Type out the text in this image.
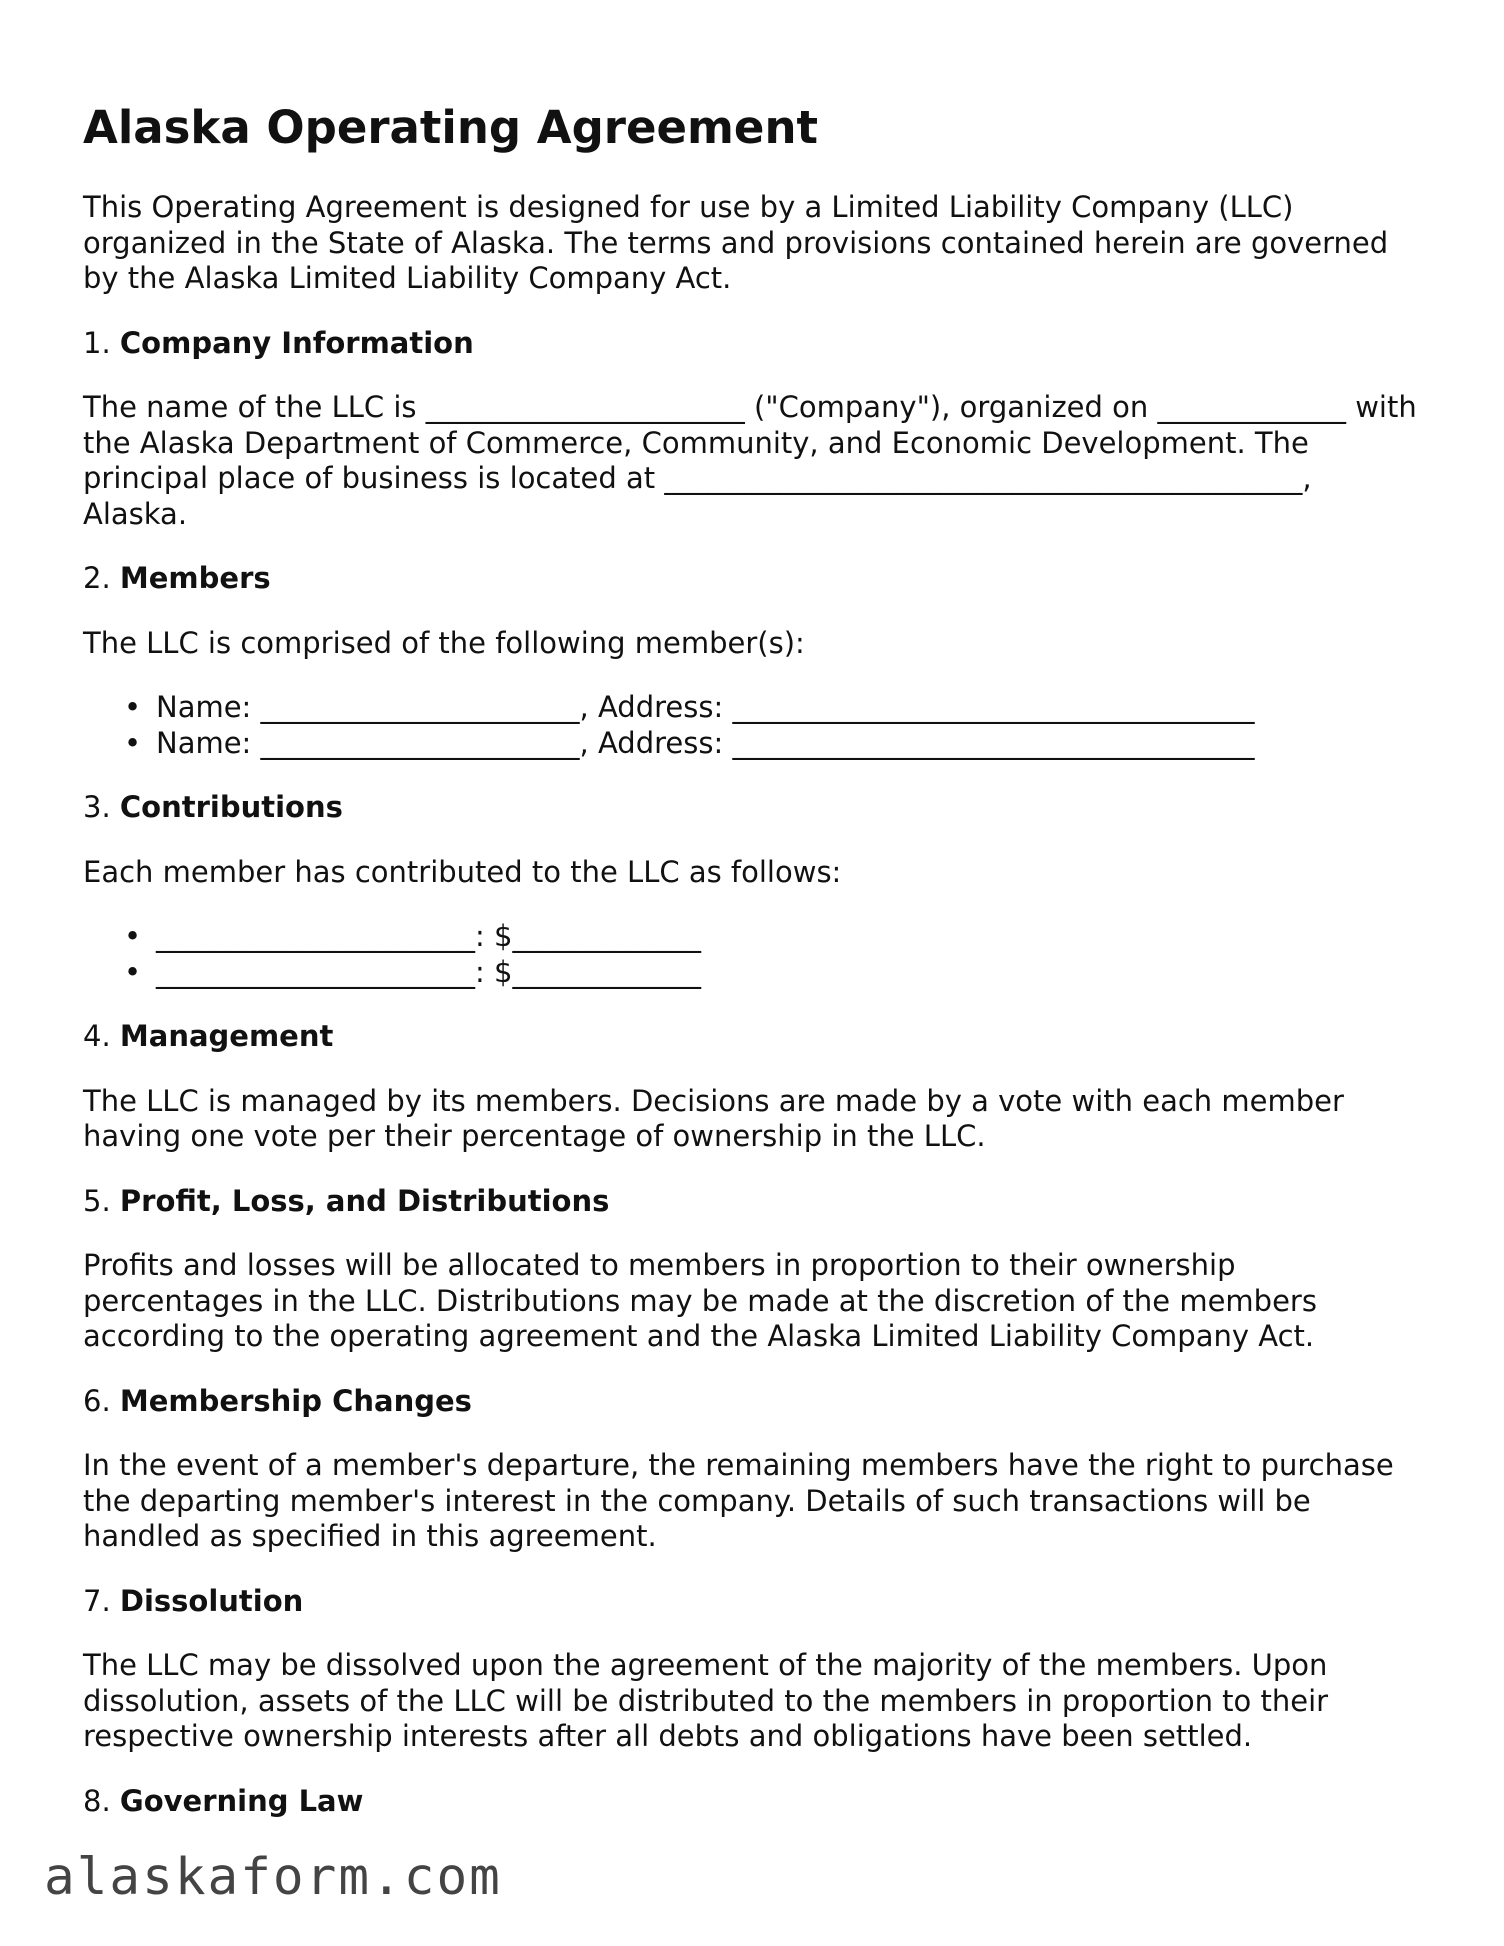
Alaska Operating Agreement

This Operating Agreement is designed for use by a Limited Liability Company (LLC) organized in the State of Alaska. The terms and provisions contained herein are governed by the Alaska Limited Liability Company Act.

1. Company Information

The name of the LLC is ______________________ ("Company"), organized on _____________ with the Alaska Department of Commerce, Community, and Economic Development. The principal place of business is located at ____________________________________________, Alaska.

2. Members

The LLC is comprised of the following member(s):

• Name: ______________________, Address: ____________________________________
• Name: ______________________, Address: ____________________________________
3. Contributions

Each member has contributed to the LLC as follows:

• ______________________: $_____________
• ______________________: $_____________
4. Management

The LLC is managed by its members. Decisions are made by a vote with each member having one vote per their percentage of ownership in the LLC.

5. Profit, Loss, and Distributions

Profits and losses will be allocated to members in proportion to their ownership percentages in the LLC. Distributions may be made at the discretion of the members according to the operating agreement and the Alaska Limited Liability Company Act.

6. Membership Changes

In the event of a member's departure, the remaining members have the right to purchase the departing member's interest in the company. Details of such transactions will be handled as specified in this agreement.

7. Dissolution

The LLC may be dissolved upon the agreement of the majority of the members. Upon dissolution, assets of the LLC will be distributed to the members in proportion to their respective ownership interests after all debts and obligations have been settled.

8. Governing Law
alaskaform.com
